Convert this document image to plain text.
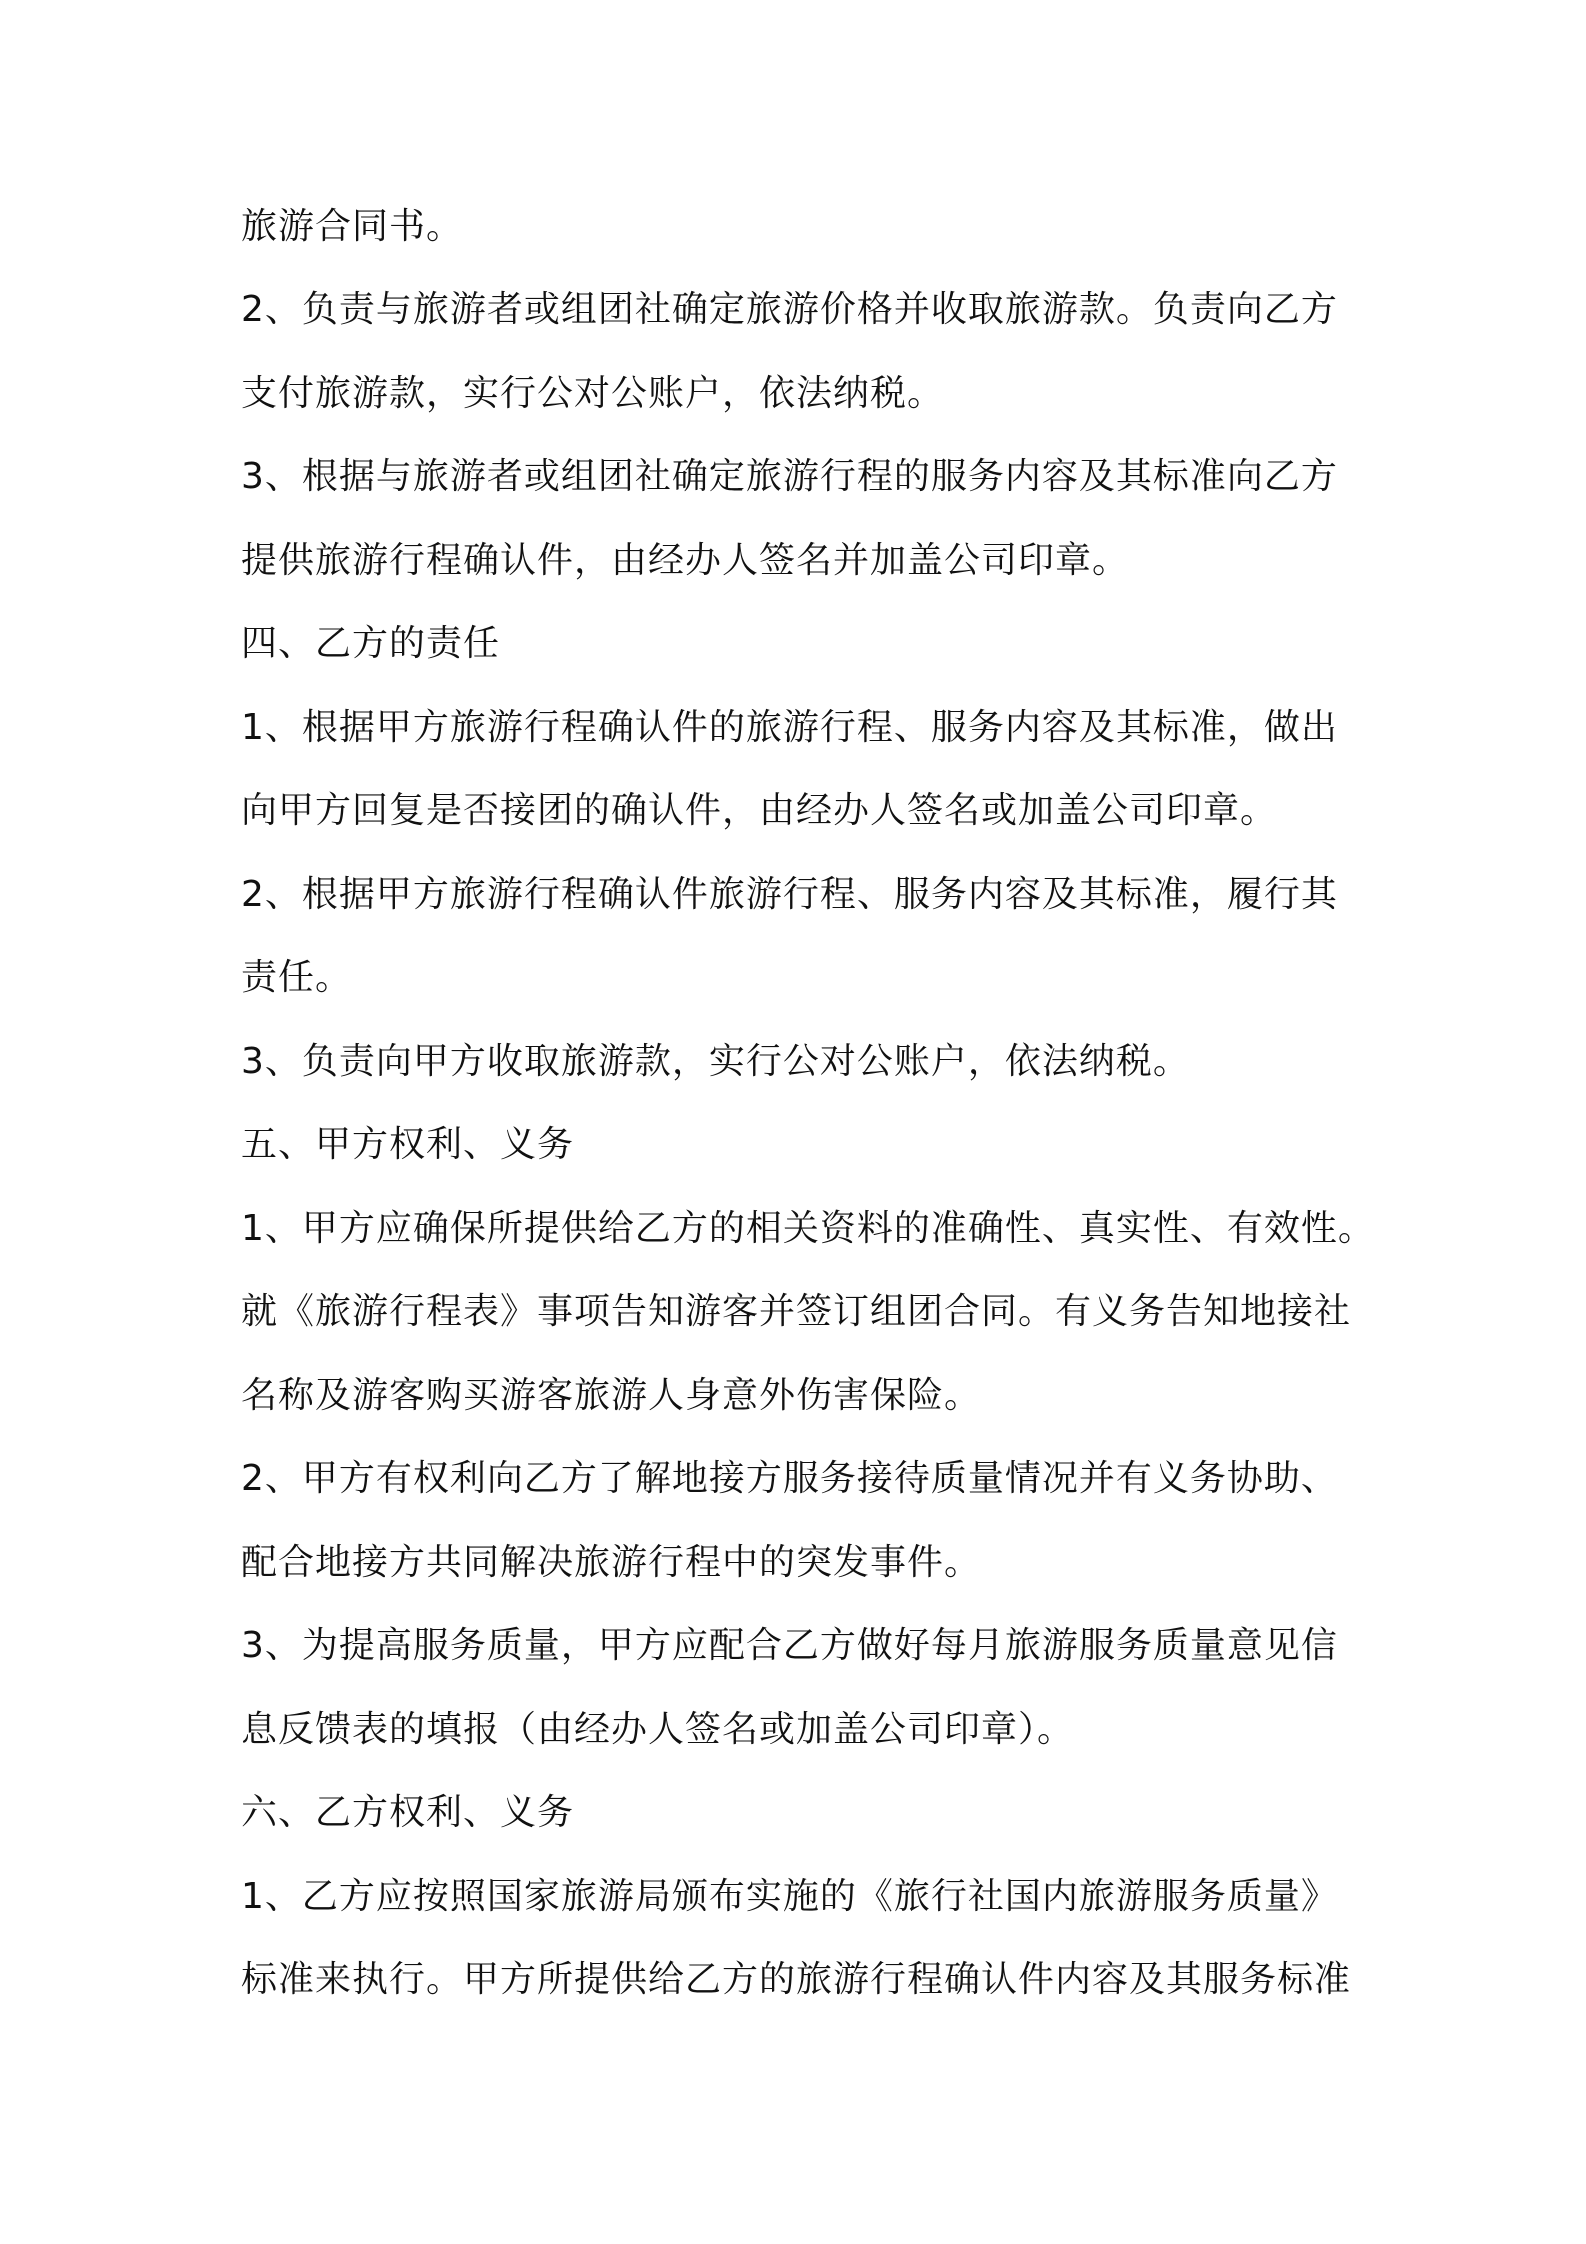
旅游合同书。

2、负责与旅游者或组团社确定旅游价格并收取旅游款。负责向乙方

支付旅游款，实行公对公账户，依法纳税。

3、根据与旅游者或组团社确定旅游行程的服务内容及其标准向乙方

提供旅游行程确认件，由经办人签名并加盖公司印章。

四、乙方的责任

1、根据甲方旅游行程确认件的旅游行程、服务内容及其标准，做出

向甲方回复是否接团的确认件，由经办人签名或加盖公司印章。

2、根据甲方旅游行程确认件旅游行程、服务内容及其标准，履行其

责任。

3、负责向甲方收取旅游款，实行公对公账户，依法纳税。

五、甲方权利、义务

1、甲方应确保所提供给乙方的相关资料的准确性、真实性、有效性。

就《旅游行程表》事项告知游客并签订组团合同。有义务告知地接社

名称及游客购买游客旅游人身意外伤害保险。

2、甲方有权利向乙方了解地接方服务接待质量情况并有义务协助、

配合地接方共同解决旅游行程中的突发事件。

3、为提高服务质量，甲方应配合乙方做好每月旅游服务质量意见信

息反馈表的填报（由经办人签名或加盖公司印章）。

六、乙方权利、义务

1、乙方应按照国家旅游局颁布实施的《旅行社国内旅游服务质量》

标准来执行。甲方所提供给乙方的旅游行程确认件内容及其服务标准
